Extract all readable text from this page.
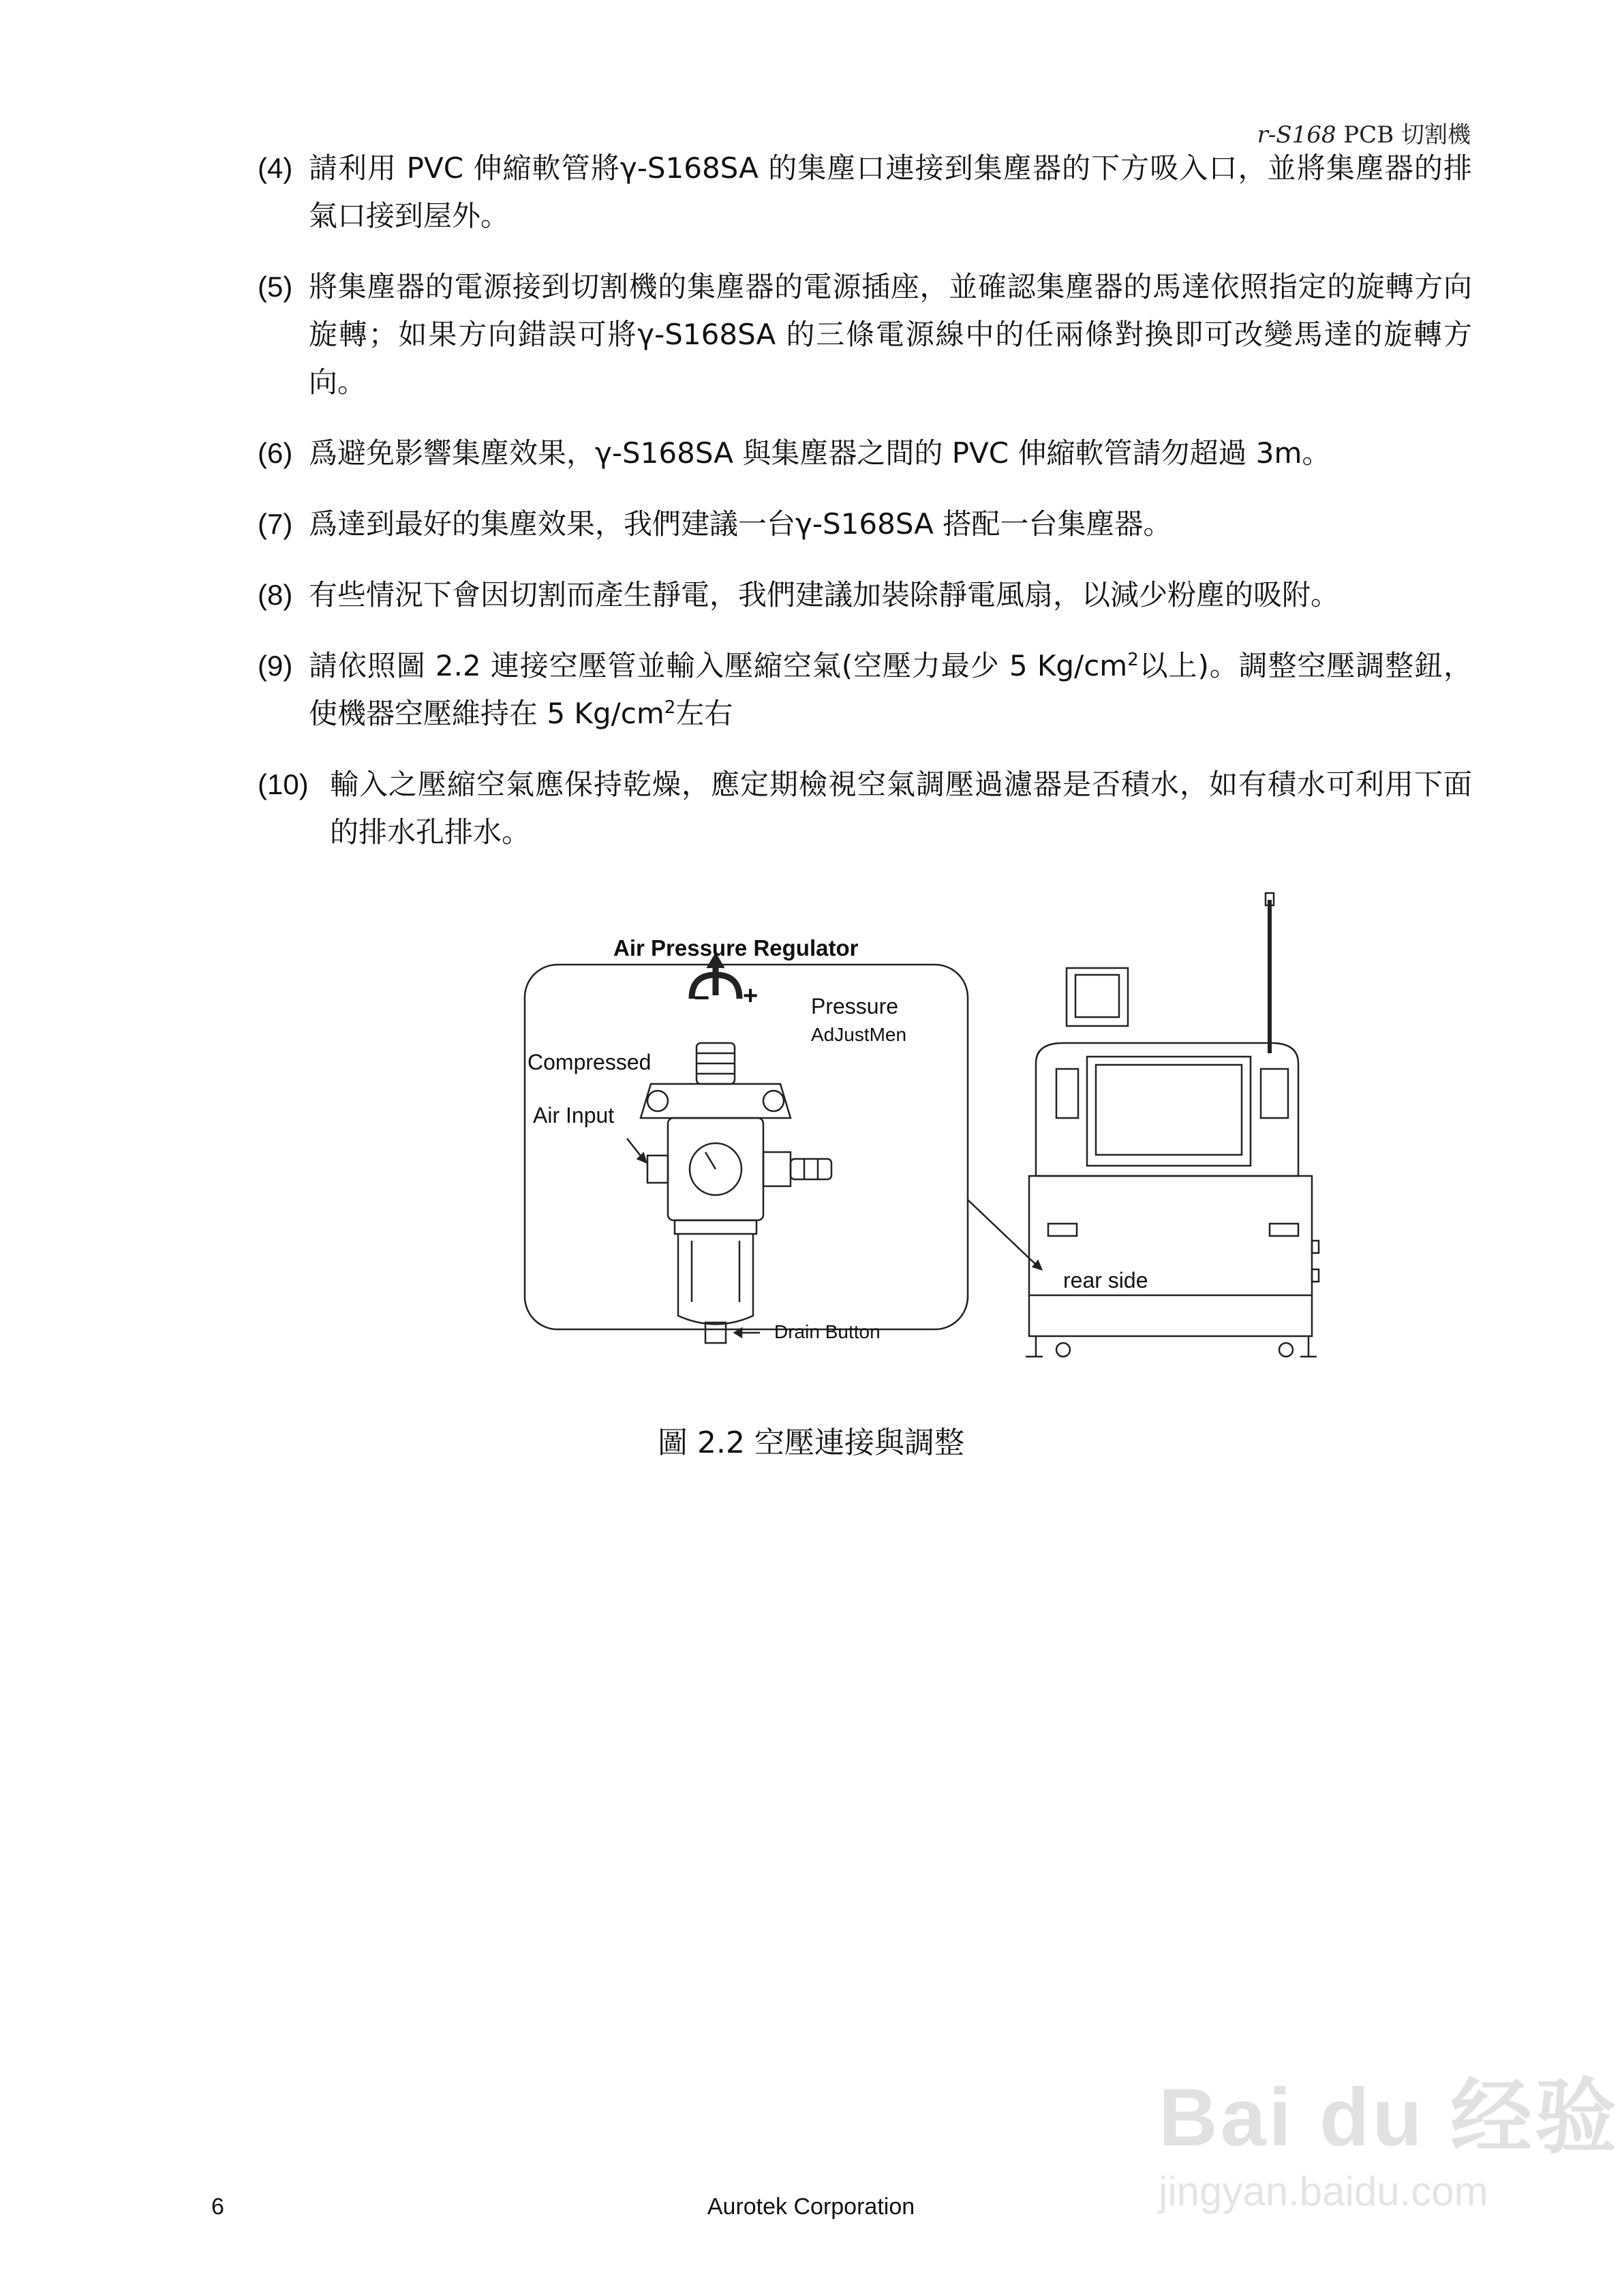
r-S168 PCB 切割機
(4) 請利用 PVC 伸縮軟管將γ-S168SA 的集塵口連接到集塵器的下方吸入口，並將集塵器的排氣口接到屋外。
(5) 將集塵器的電源接到切割機的集塵器的電源插座，並確認集塵器的馬達依照指定的旋轉方向旋轉；如果方向錯誤可將γ-S168SA 的三條電源線中的任兩條對換即可改變馬達的旋轉方向。
(6) 爲避免影響集塵效果，γ-S168SA 與集塵器之間的 PVC 伸縮軟管請勿超過 3m。
(7) 爲達到最好的集塵效果，我們建議一台γ-S168SA 搭配一台集塵器。
(8) 有些情況下會因切割而產生靜電，我們建議加裝除靜電風扇，以減少粉塵的吸附。
(9) 請依照圖 2.2 連接空壓管並輸入壓縮空氣(空壓力最少 5 $Kg/cm^2$以上)。調整空壓調整鈕，使機器空壓維持在 5 $Kg/cm^2$左右
(10) 輸入之壓縮空氣應保持乾燥，應定期檢視空氣調壓過濾器是否積水，如有積水可利用下面的排水孔排水。
Air Pressure Regulator
− + Pressure
AdJustMen
Compressed
Air Input
Drain Button
rear side
圖 2.2 空壓連接與調整
Bai du 经验
jingyan.baidu.com
6	Aurotek Corporation
